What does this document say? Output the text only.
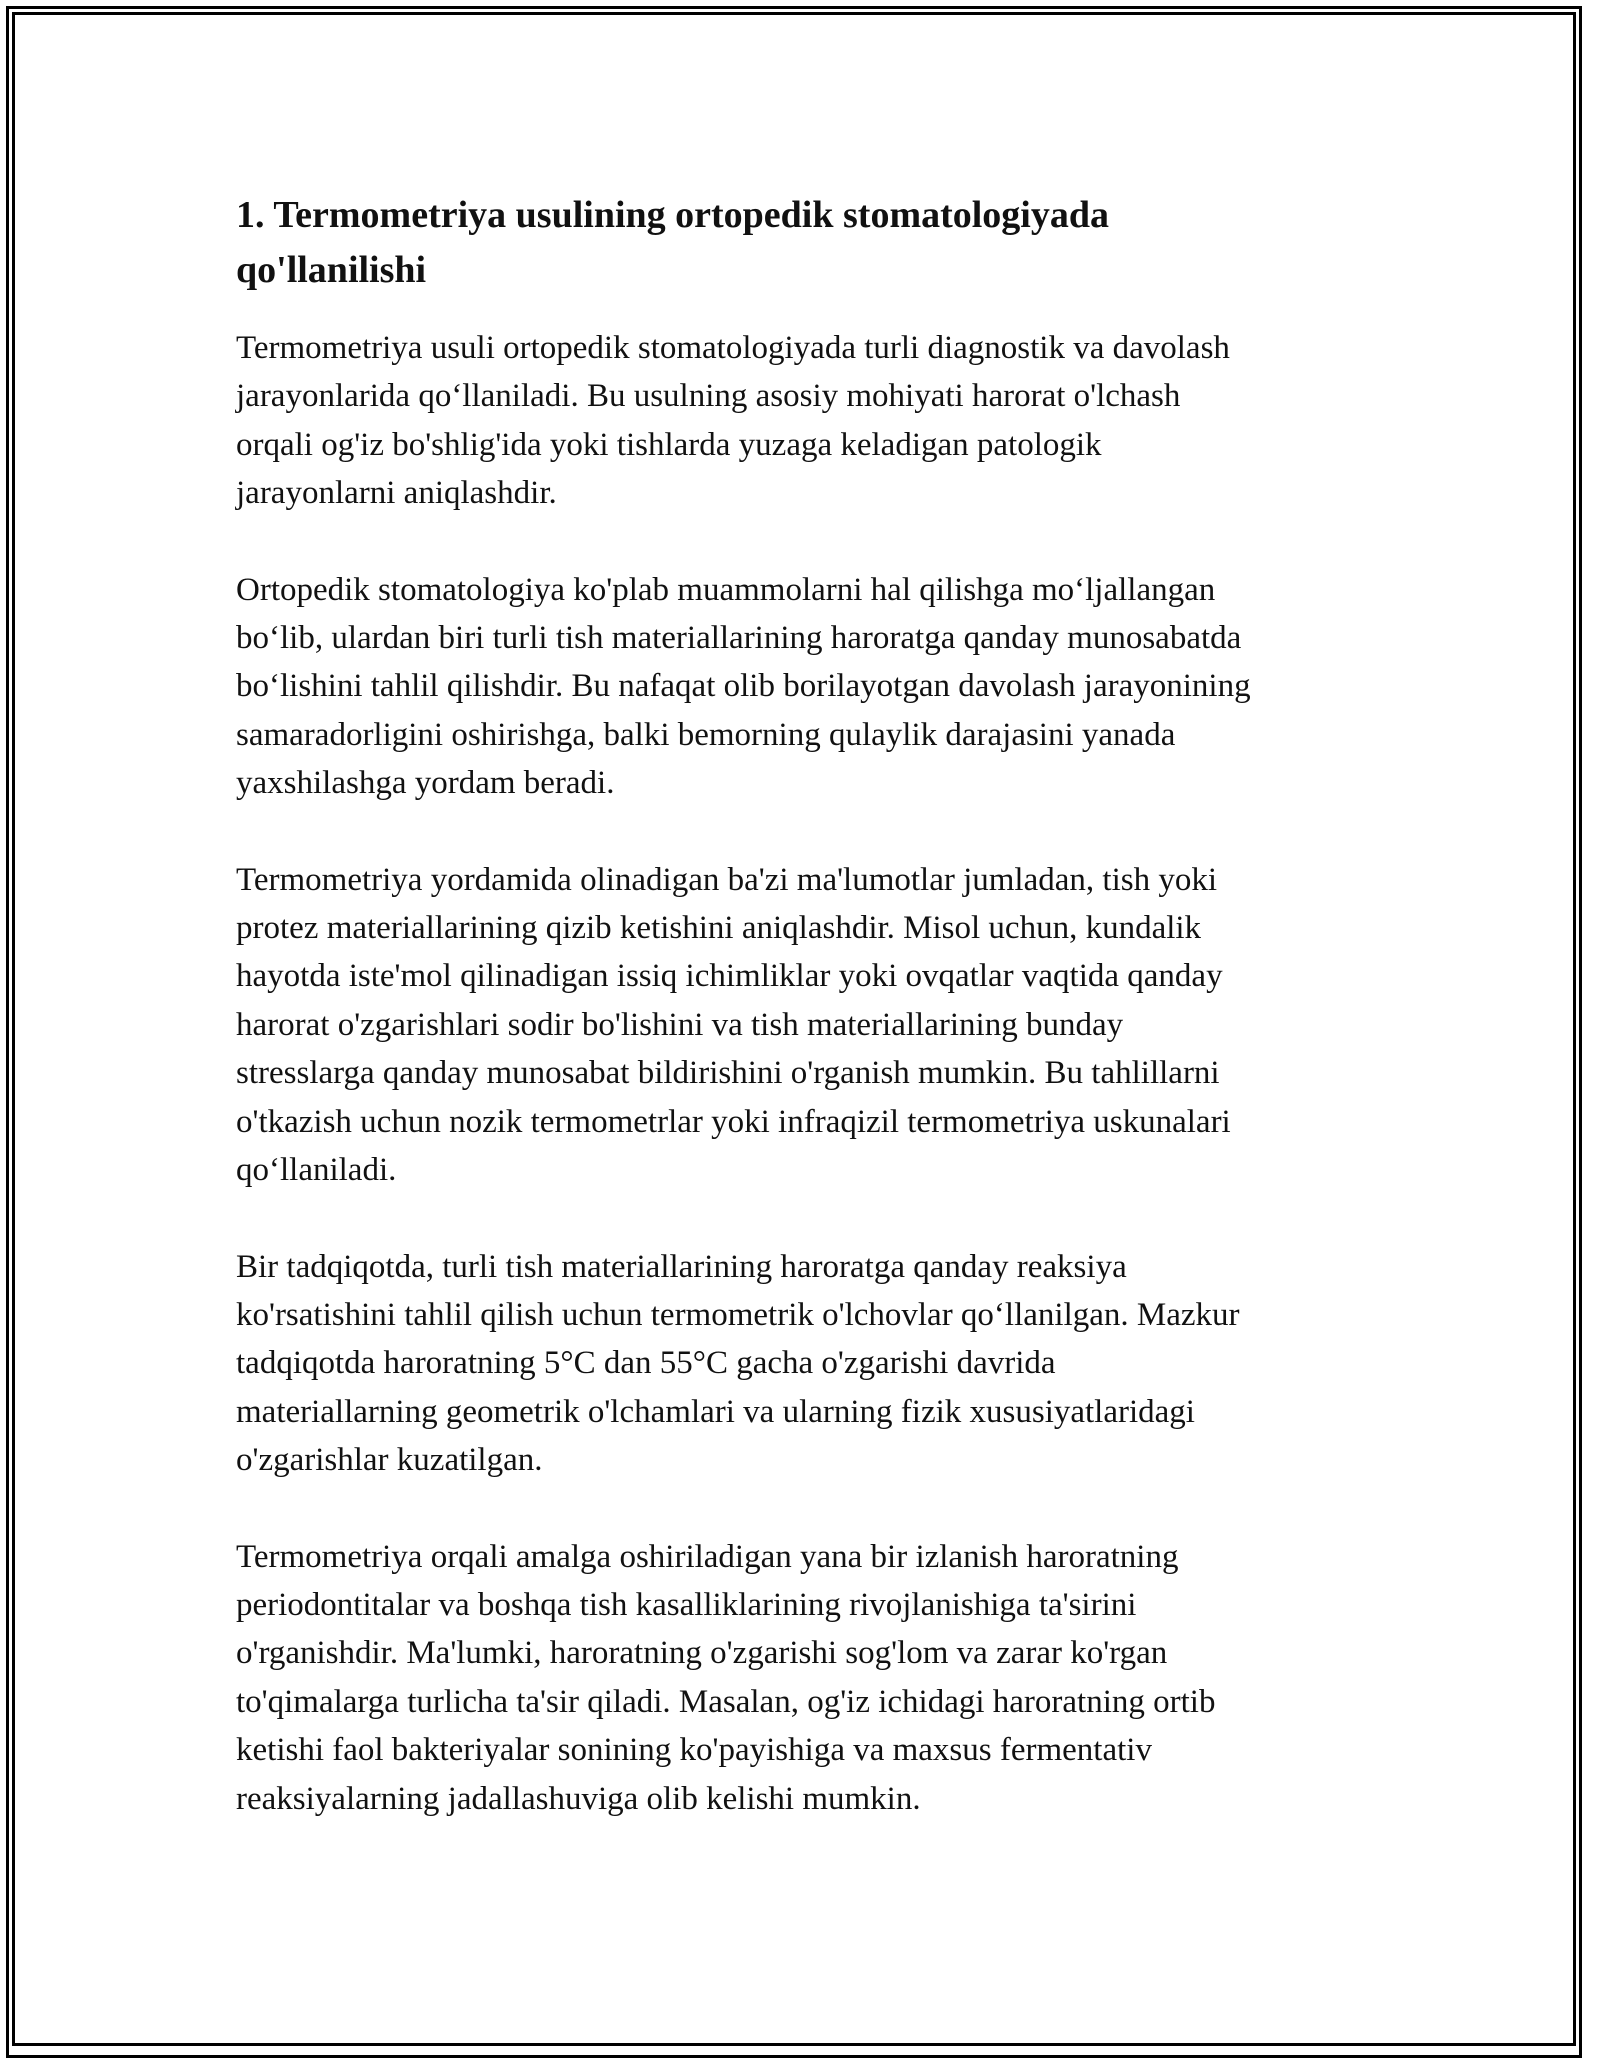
1. Termometriya usulining ortopedik stomatologiyada
qo'llanilishi

Termometriya usuli ortopedik stomatologiyada turli diagnostik va davolash
jarayonlarida qo‘llaniladi. Bu usulning asosiy mohiyati harorat o'lchash
orqali og'iz bo'shlig'ida yoki tishlarda yuzaga keladigan patologik
jarayonlarni aniqlashdir.

Ortopedik stomatologiya ko'plab muammolarni hal qilishga mo‘ljallangan
bo‘lib, ulardan biri turli tish materiallarining haroratga qanday munosabatda
bo‘lishini tahlil qilishdir. Bu nafaqat olib borilayotgan davolash jarayonining
samaradorligini oshirishga, balki bemorning qulaylik darajasini yanada
yaxshilashga yordam beradi.

Termometriya yordamida olinadigan ba'zi ma'lumotlar jumladan, tish yoki
protez materiallarining qizib ketishini aniqlashdir. Misol uchun, kundalik
hayotda iste'mol qilinadigan issiq ichimliklar yoki ovqatlar vaqtida qanday
harorat o'zgarishlari sodir bo'lishini va tish materiallarining bunday
stresslarga qanday munosabat bildirishini o'rganish mumkin. Bu tahlillarni
o'tkazish uchun nozik termometrlar yoki infraqizil termometriya uskunalari
qo‘llaniladi.

Bir tadqiqotda, turli tish materiallarining haroratga qanday reaksiya
ko'rsatishini tahlil qilish uchun termometrik o'lchovlar qo‘llanilgan. Mazkur
tadqiqotda haroratning 5°C dan 55°C gacha o'zgarishi davrida
materiallarning geometrik o'lchamlari va ularning fizik xususiyatlaridagi
o'zgarishlar kuzatilgan.

Termometriya orqali amalga oshiriladigan yana bir izlanish haroratning
periodontitalar va boshqa tish kasalliklarining rivojlanishiga ta'sirini
o'rganishdir. Ma'lumki, haroratning o'zgarishi sog'lom va zarar ko'rgan
to'qimalarga turlicha ta'sir qiladi. Masalan, og'iz ichidagi haroratning ortib
ketishi faol bakteriyalar sonining ko'payishiga va maxsus fermentativ
reaksiyalarning jadallashuviga olib kelishi mumkin.
